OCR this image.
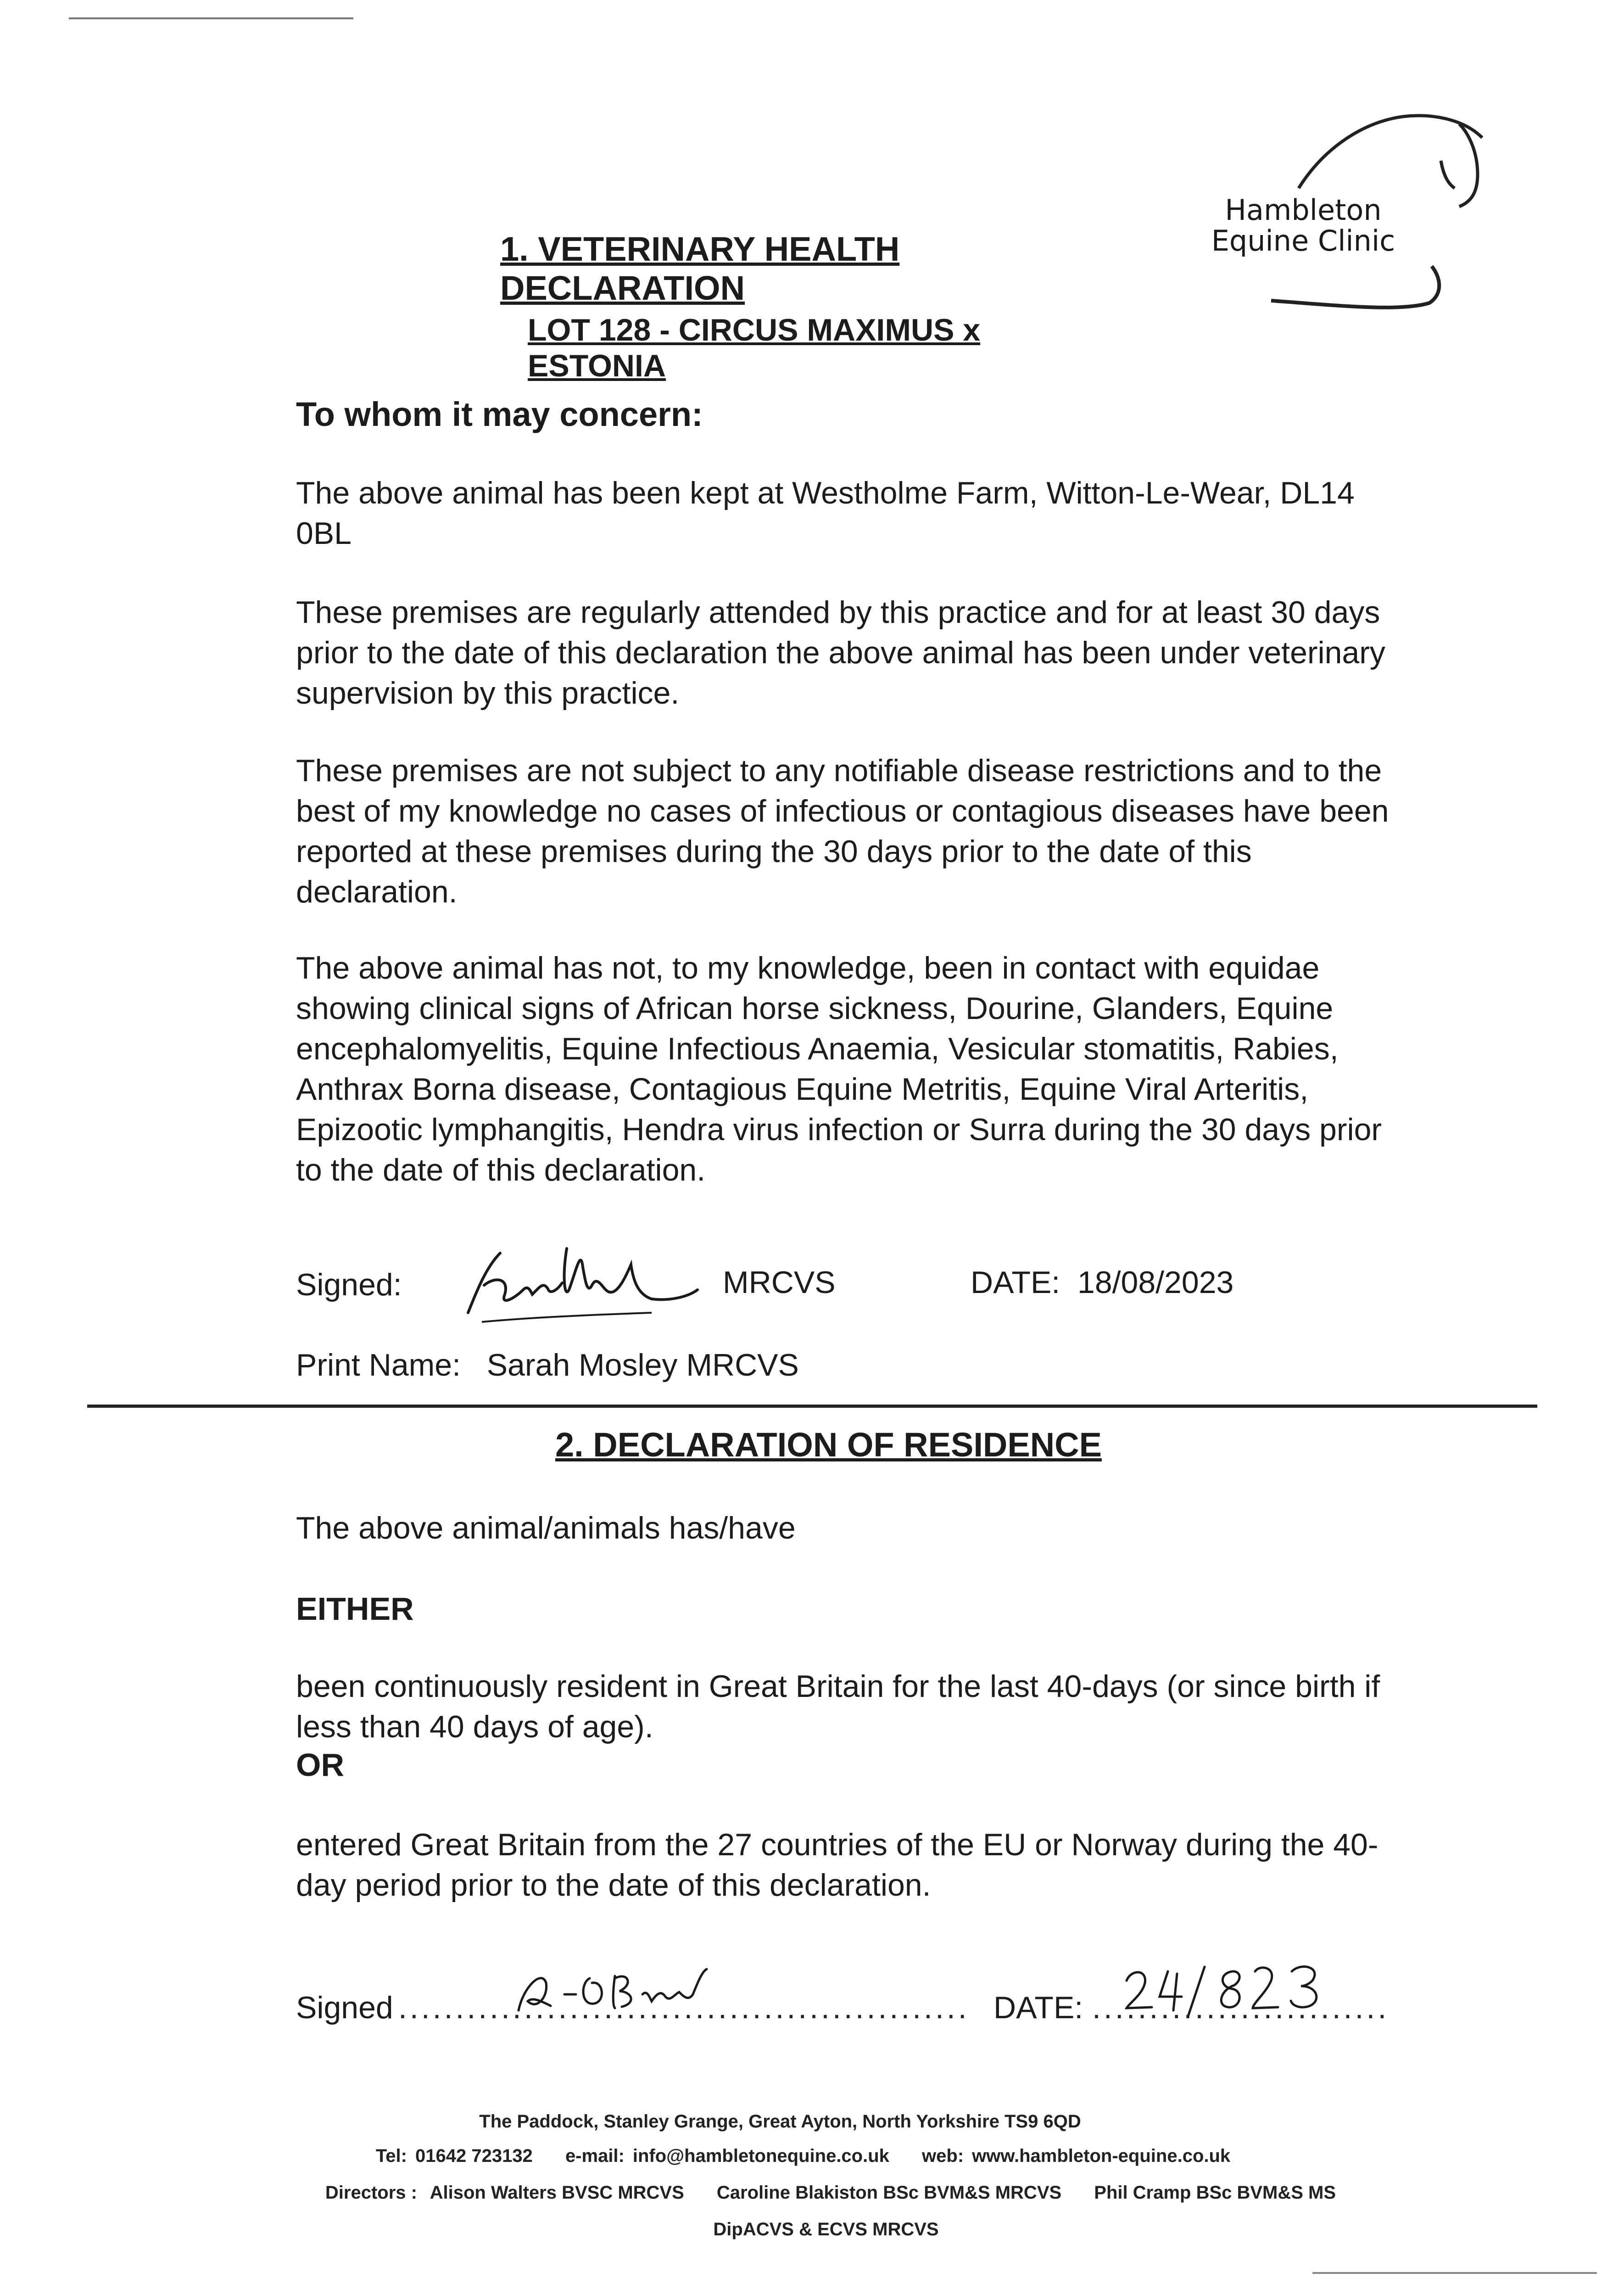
Hambleton
Equine Clinic
1. VETERINARY HEALTH DECLARATION
LOT 128 - CIRCUS MAXIMUS x ESTONIA
To whom it may concern:
The above animal has been kept at Westholme Farm, Witton-Le-Wear, DL14 0BL
These premises are regularly attended by this practice and for at least 30 days prior to the date of this declaration the above animal has been under veterinary supervision by this practice.
These premises are not subject to any notifiable disease restrictions and to the best of my knowledge no cases of infectious or contagious diseases have been reported at these premises during the 30 days prior to the date of this declaration.
The above animal has not, to my knowledge, been in contact with equidae showing clinical signs of African horse sickness, Dourine, Glanders, Equine encephalomyelitis, Equine Infectious Anaemia, Vesicular stomatitis, Rabies, Anthrax Borna disease, Contagious Equine Metritis, Equine Viral Arteritis, Epizootic lymphangitis, Hendra virus infection or Surra during the 30 days prior to the date of this declaration.
Signed:	MRCVS	DATE: 18/08/2023
Print Name: Sarah Mosley MRCVS
2. DECLARATION OF RESIDENCE
The above animal/animals has/have
EITHER
been continuously resident in Great Britain for the last 40-days (or since birth if less than 40 days of age).
OR
entered Great Britain from the 27 countries of the EU or Norway during the 40-day period prior to the date of this declaration.
Signed .................................................. DATE: ..........................
The Paddock, Stanley Grange, Great Ayton, North Yorkshire TS9 6QD
Tel: 01642 723132 e-mail: info@hambletonequine.co.uk web: www.hambleton-equine.co.uk
Directors : Alison Walters BVSC MRCVS Caroline Blakiston BSc BVM&S MRCVS Phil Cramp BSc BVM&S MS
DipACVS & ECVS MRCVS
